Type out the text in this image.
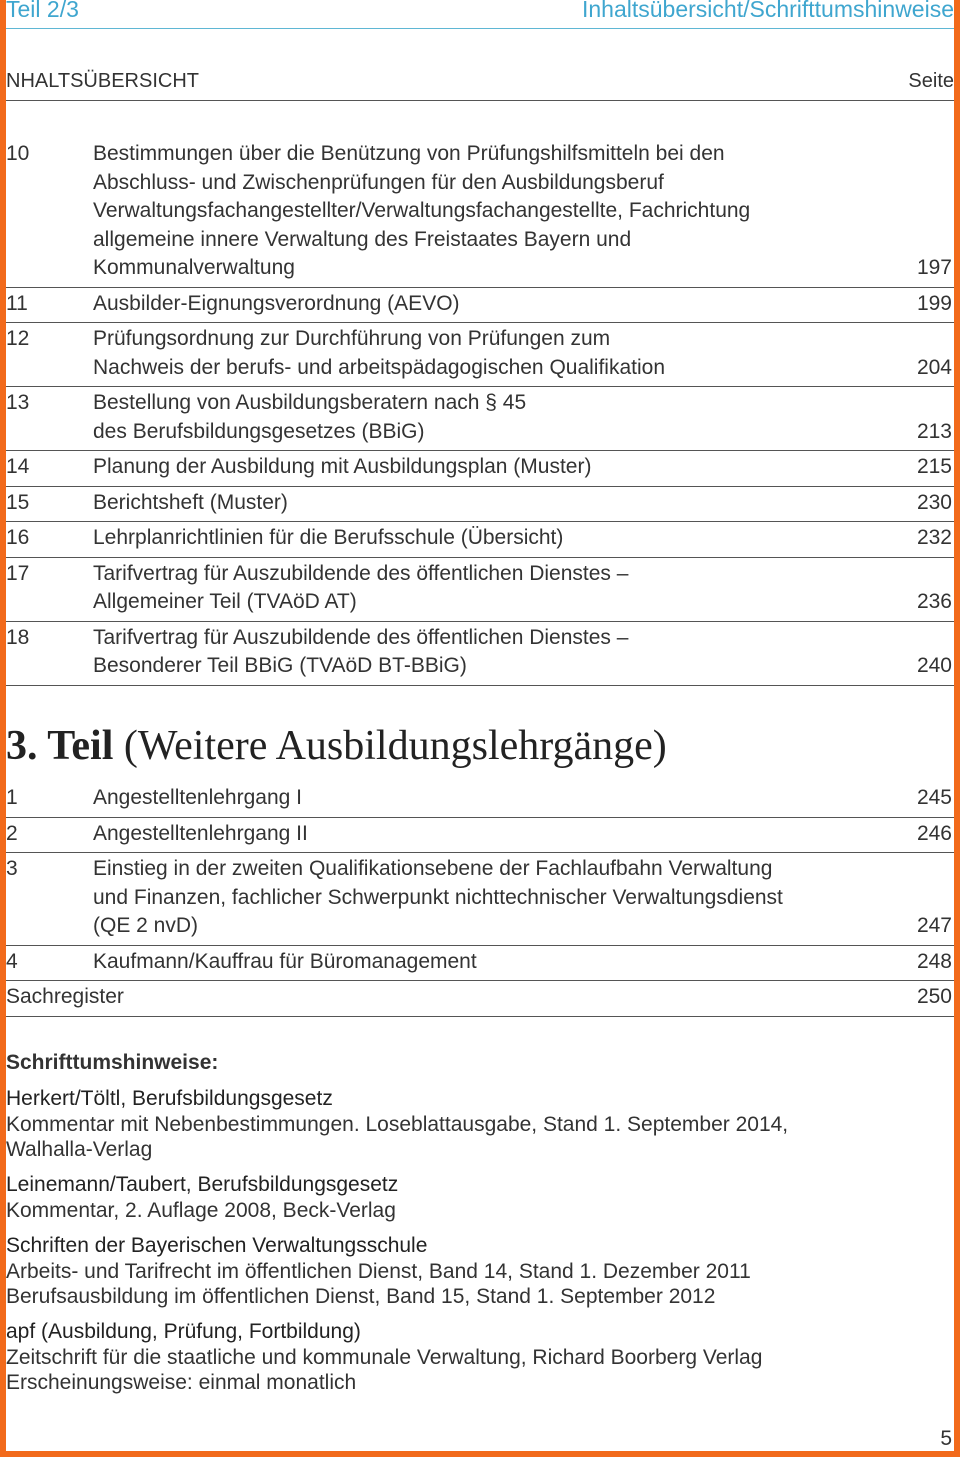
Teil 2/3	Inhaltsübersicht/Schrifttumshinweise
NHALTSÜBERSICHT	Seite
10	Bestimmungen über die Benützung von Prüfungshilfsmitteln bei den
Abschluss- und Zwischenprüfungen für den Ausbildungsberuf
Verwaltungsfachangestellter/Verwaltungsfachangestellte, Fachrichtung
allgemeine innere Verwaltung des Freistaates Bayern und
Kommunalverwaltung	197
11	Ausbilder-Eignungsverordnung (AEVO)	199
12	Prüfungsordnung zur Durchführung von Prüfungen zum
Nachweis der berufs- und arbeitspädagogischen Qualifikation	204
13	Bestellung von Ausbildungsberatern nach § 45
des Berufsbildungsgesetzes (BBiG)	213
14	Planung der Ausbildung mit Ausbildungsplan (Muster)	215
15	Berichtsheft (Muster)	230
16	Lehrplanrichtlinien für die Berufsschule (Übersicht)	232
17	Tarifvertrag für Auszubildende des öffentlichen Dienstes –
Allgemeiner Teil (TVAöD AT)	236
18	Tarifvertrag für Auszubildende des öffentlichen Dienstes –
Besonderer Teil BBiG (TVAöD BT-BBiG)	240
3. Teil (Weitere Ausbildungslehrgänge)
1	Angestelltenlehrgang I	245
2	Angestelltenlehrgang II	246
3	Einstieg in der zweiten Qualifikationsebene der Fachlaufbahn Verwaltung
und Finanzen, fachlicher Schwerpunkt nichttechnischer Verwaltungsdienst
(QE 2 nvD)	247
4	Kaufmann/Kauffrau für Büromanagement	248
Sachregister	250
Schrifttumshinweise:
Herkert/Töltl, Berufsbildungsgesetz
Kommentar mit Nebenbestimmungen. Loseblattausgabe, Stand 1. September 2014,
Walhalla-Verlag
Leinemann/Taubert, Berufsbildungsgesetz
Kommentar, 2. Auflage 2008, Beck-Verlag
Schriften der Bayerischen Verwaltungsschule
Arbeits- und Tarifrecht im öffentlichen Dienst, Band 14, Stand 1. Dezember 2011
Berufsausbildung im öffentlichen Dienst, Band 15, Stand 1. September 2012
apf (Ausbildung, Prüfung, Fortbildung)
Zeitschrift für die staatliche und kommunale Verwaltung, Richard Boorberg Verlag
Erscheinungsweise: einmal monatlich
5
